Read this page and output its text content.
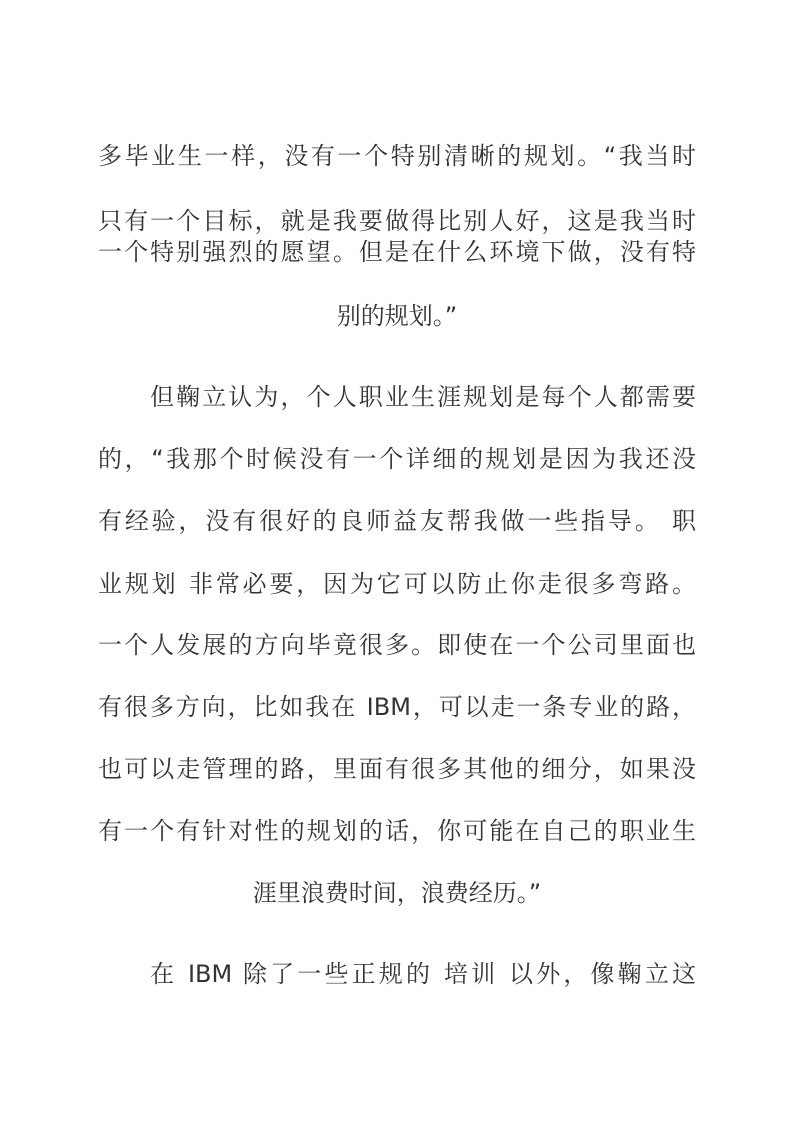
多毕业生一样，没有一个特别清晰的规划。“我当时
只有一个目标，就是我要做得比别人好，这是我当时
一个特别强烈的愿望。但是在什么环境下做，没有特
别的规划。”
但鞠立认为，个人职业生涯规划是每个人都需要
的，“我那个时候没有一个详细的规划是因为我还没
有经验，没有很好的良师益友帮我做一些指导。 职
业规划 非常必要，因为它可以防止你走很多弯路。
一个人发展的方向毕竟很多。即使在一个公司里面也
有很多方向，比如我在 IBM，可以走一条专业的路，
也可以走管理的路，里面有很多其他的细分，如果没
有一个有针对性的规划的话，你可能在自己的职业生
涯里浪费时间，浪费经历。”
在 IBM 除了一些正规的 培训 以外，像鞠立这
